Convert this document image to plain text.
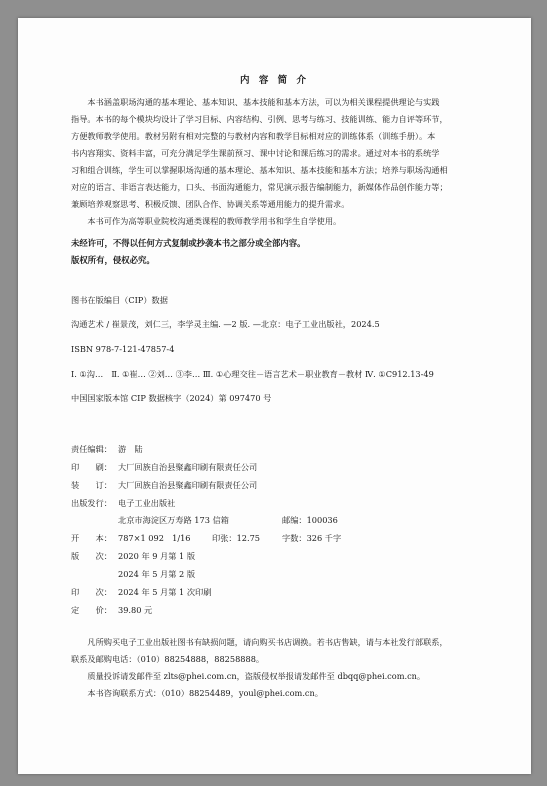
内 容 简 介
　　本书涵盖职场沟通的基本理论、基本知识、基本技能和基本方法，可以为相关课程提供理论与实践
指导。本书的每个模块均设计了学习目标、内容结构、引例、思考与练习、技能训练、能力自评等环节，
方便教师教学使用。教材另附有相对完整的与教材内容和教学目标相对应的训练体系（训练手册）。本
书内容翔实、资料丰富，可充分满足学生课前预习、课中讨论和课后练习的需求。通过对本书的系统学
习和组合训练，学生可以掌握职场沟通的基本理论、基本知识、基本技能和基本方法；培养与职场沟通相
对应的语言、非语言表达能力，口头、书面沟通能力，常见演示报告编制能力，新媒体作品创作能力等；
兼顾培养观察思考、积极反馈、团队合作、协调关系等通用能力的提升需求。
　　本书可作为高等职业院校沟通类课程的教师教学用书和学生自学使用。
未经许可，不得以任何方式复制或抄袭本书之部分或全部内容。
版权所有，侵权必究。
图书在版编目（CIP）数据
沟通艺术 / 崔景茂，刘仁三，李学灵主编. —2 版. —北京：电子工业出版社，2024.5
ISBN 978-7-121-47857-4
Ⅰ. ①沟…　Ⅱ. ①崔… ②刘… ③李… Ⅲ. ①心理交往－语言艺术－职业教育－教材 Ⅳ. ①C912.13-49
中国国家版本馆 CIP 数据核字（2024）第 097470 号
责任编辑： 游　陆
印　　刷： 大厂回族自治县聚鑫印刷有限责任公司
装　　订： 大厂回族自治县聚鑫印刷有限责任公司
出版发行： 电子工业出版社
北京市海淀区万寿路 173 信箱	邮编：100036
开　　本： 787×1 092　1/16	印张：12.75	字数：326 千字
版　　次： 2020 年 9 月第 1 版
2024 年 5 月第 2 版
印　　次： 2024 年 5 月第 1 次印刷
定　　价： 39.80 元
　　凡所购买电子工业出版社图书有缺损问题，请向购买书店调换。若书店售缺，请与本社发行部联系，
联系及邮购电话：（010）88254888，88258888。
　　质量投诉请发邮件至 zlts@phei.com.cn，盗版侵权举报请发邮件至 dbqq@phei.com.cn。
　　本书咨询联系方式：（010）88254489，youl@phei.com.cn。
